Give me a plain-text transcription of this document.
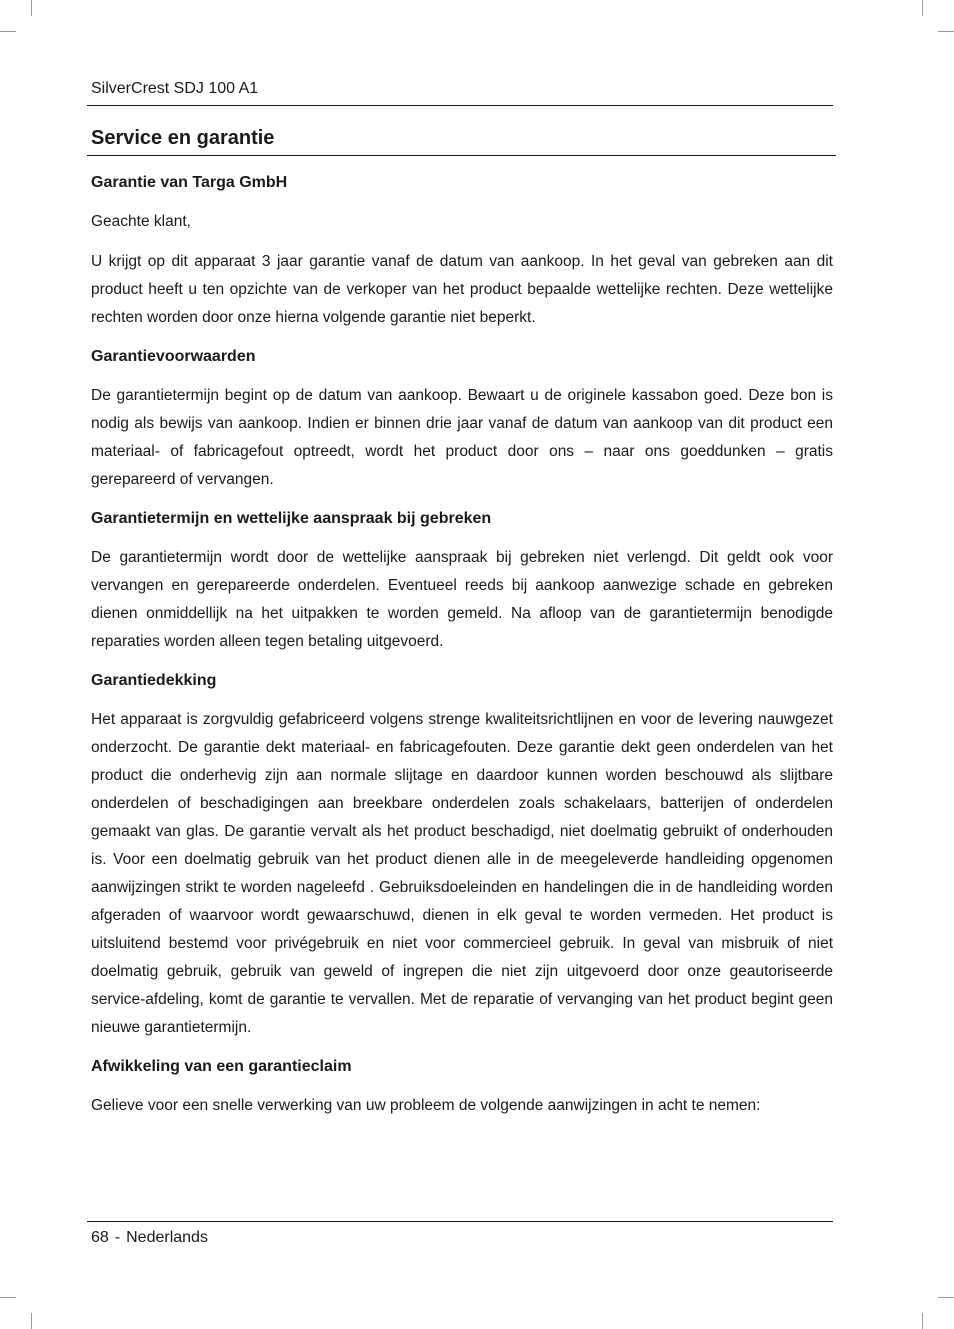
SilverCrest SDJ 100 A1
Service en garantie
Garantie van Targa GmbH

Geachte klant,

U krijgt op dit apparaat 3 jaar garantie vanaf de datum van aankoop. In het geval van gebreken aan dit product heeft u ten opzichte van de verkoper van het product bepaalde wettelijke rechten. Deze wettelijke rechten worden door onze hierna volgende garantie niet beperkt.

Garantievoorwaarden

De garantietermijn begint op de datum van aankoop. Bewaart u de originele kassabon goed. Deze bon is nodig als bewijs van aankoop. Indien er binnen drie jaar vanaf de datum van aankoop van dit product een materiaal- of fabricagefout optreedt, wordt het product door ons – naar ons goeddunken – gratis gerepareerd of vervangen.

Garantietermijn en wettelijke aanspraak bij gebreken

De garantietermijn wordt door de wettelijke aanspraak bij gebreken niet verlengd. Dit geldt ook voor vervangen en gerepareerde onderdelen. Eventueel reeds bij aankoop aanwezige schade en gebreken dienen onmiddellijk na het uitpakken te worden gemeld. Na afloop van de garantietermijn benodigde reparaties worden alleen tegen betaling uitgevoerd.

Garantiedekking

Het apparaat is zorgvuldig gefabriceerd volgens strenge kwaliteitsrichtlijnen en voor de levering nauwgezet onderzocht. De garantie dekt materiaal- en fabricagefouten. Deze garantie dekt geen onderdelen van het product die onderhevig zijn aan normale slijtage en daardoor kunnen worden beschouwd als slijtbare onderdelen of beschadigingen aan breekbare onderdelen zoals schakelaars, batterijen of onderdelen gemaakt van glas. De garantie vervalt als het product beschadigd, niet doelmatig gebruikt of onderhouden is. Voor een doelmatig gebruik van het product dienen alle in de meegeleverde handleiding opgenomen aanwijzingen strikt te worden nageleefd . Gebruiksdoeleinden en handelingen die in de handleiding worden afgeraden of waarvoor wordt gewaarschuwd, dienen in elk geval te worden vermeden. Het product is uitsluitend bestemd voor privégebruik en niet voor commercieel gebruik. In geval van misbruik of niet doelmatig gebruik, gebruik van geweld of ingrepen die niet zijn uitgevoerd door onze geautoriseerde service-afdeling, komt de garantie te vervallen. Met de reparatie of vervanging van het product begint geen nieuwe garantietermijn.

Afwikkeling van een garantieclaim

Gelieve voor een snelle verwerking van uw probleem de volgende aanwijzingen in acht te nemen:

68 - Nederlands
